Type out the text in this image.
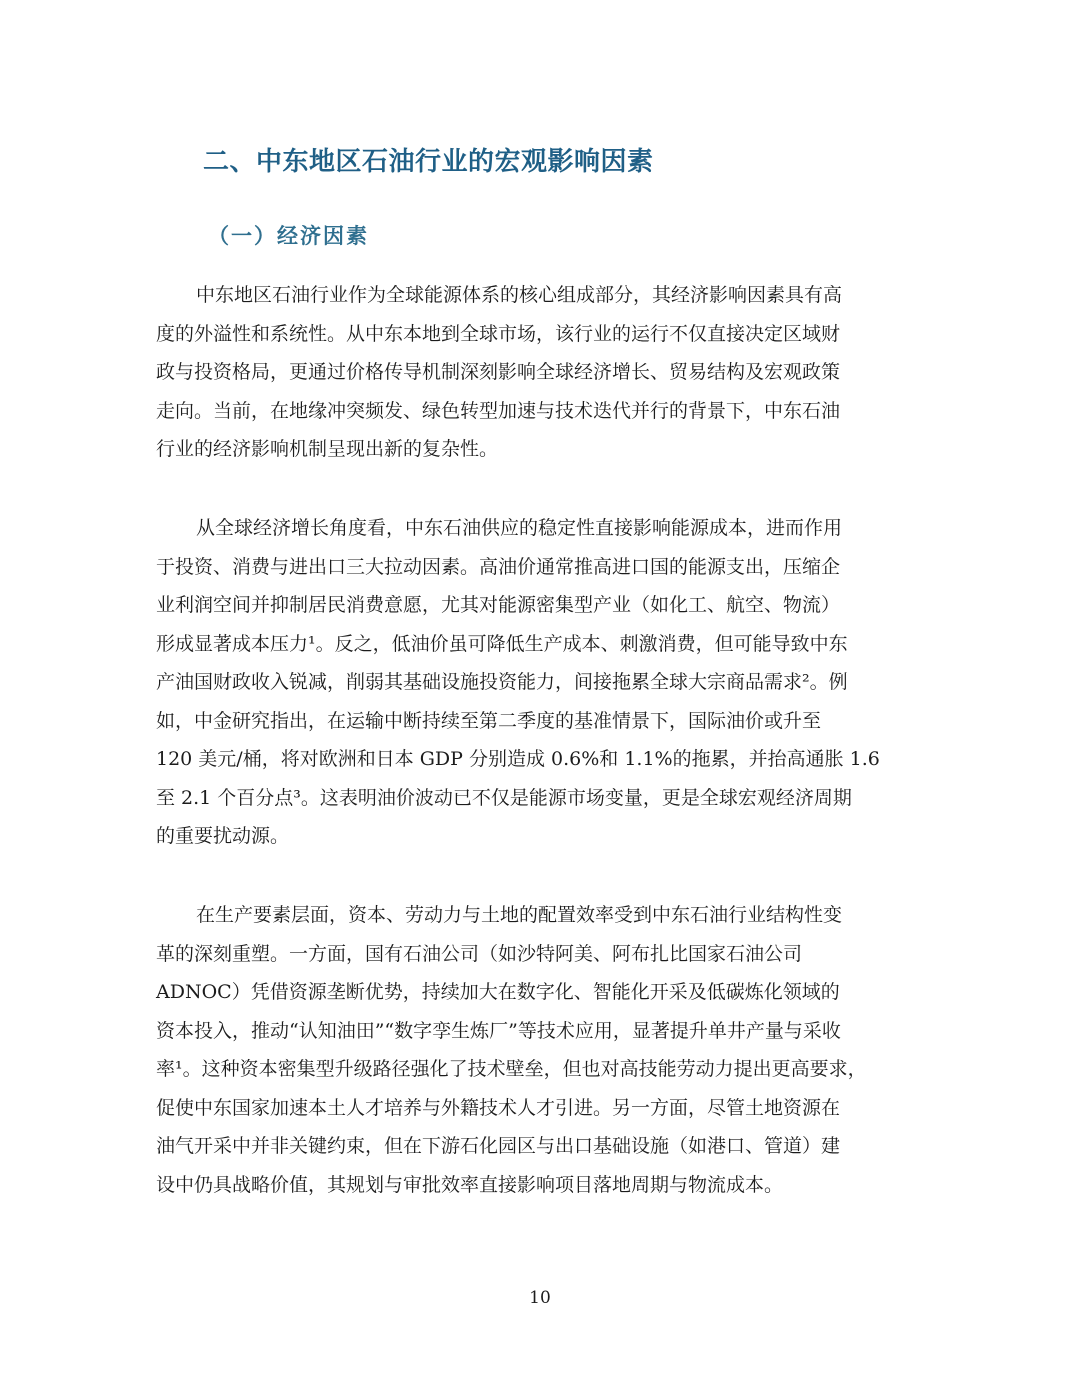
二、中东地区石油行业的宏观影响因素
（一）经济因素
中东地区石油行业作为全球能源体系的核心组成部分，其经济影响因素具有高
度的外溢性和系统性。从中东本地到全球市场，该行业的运行不仅直接决定区域财
政与投资格局，更通过价格传导机制深刻影响全球经济增长、贸易结构及宏观政策
走向。当前，在地缘冲突频发、绿色转型加速与技术迭代并行的背景下，中东石油
行业的经济影响机制呈现出新的复杂性。
从全球经济增长角度看，中东石油供应的稳定性直接影响能源成本，进而作用
于投资、消费与进出口三大拉动因素。高油价通常推高进口国的能源支出，压缩企
业利润空间并抑制居民消费意愿，尤其对能源密集型产业（如化工、航空、物流）
形成显著成本压力¹。反之，低油价虽可降低生产成本、刺激消费，但可能导致中东
产油国财政收入锐减，削弱其基础设施投资能力，间接拖累全球大宗商品需求²。例
如，中金研究指出，在运输中断持续至第二季度的基准情景下，国际油价或升至
120 美元/桶，将对欧洲和日本 GDP 分别造成 0.6%和 1.1%的拖累，并抬高通胀 1.6
至 2.1 个百分点³。这表明油价波动已不仅是能源市场变量，更是全球宏观经济周期
的重要扰动源。
在生产要素层面，资本、劳动力与土地的配置效率受到中东石油行业结构性变
革的深刻重塑。一方面，国有石油公司（如沙特阿美、阿布扎比国家石油公司
ADNOC）凭借资源垄断优势，持续加大在数字化、智能化开采及低碳炼化领域的
资本投入，推动“认知油田”“数字孪生炼厂”等技术应用，显著提升单井产量与采收
率¹。这种资本密集型升级路径强化了技术壁垒，但也对高技能劳动力提出更高要求，
促使中东国家加速本土人才培养与外籍技术人才引进。另一方面，尽管土地资源在
油气开采中并非关键约束，但在下游石化园区与出口基础设施（如港口、管道）建
设中仍具战略价值，其规划与审批效率直接影响项目落地周期与物流成本。
10
